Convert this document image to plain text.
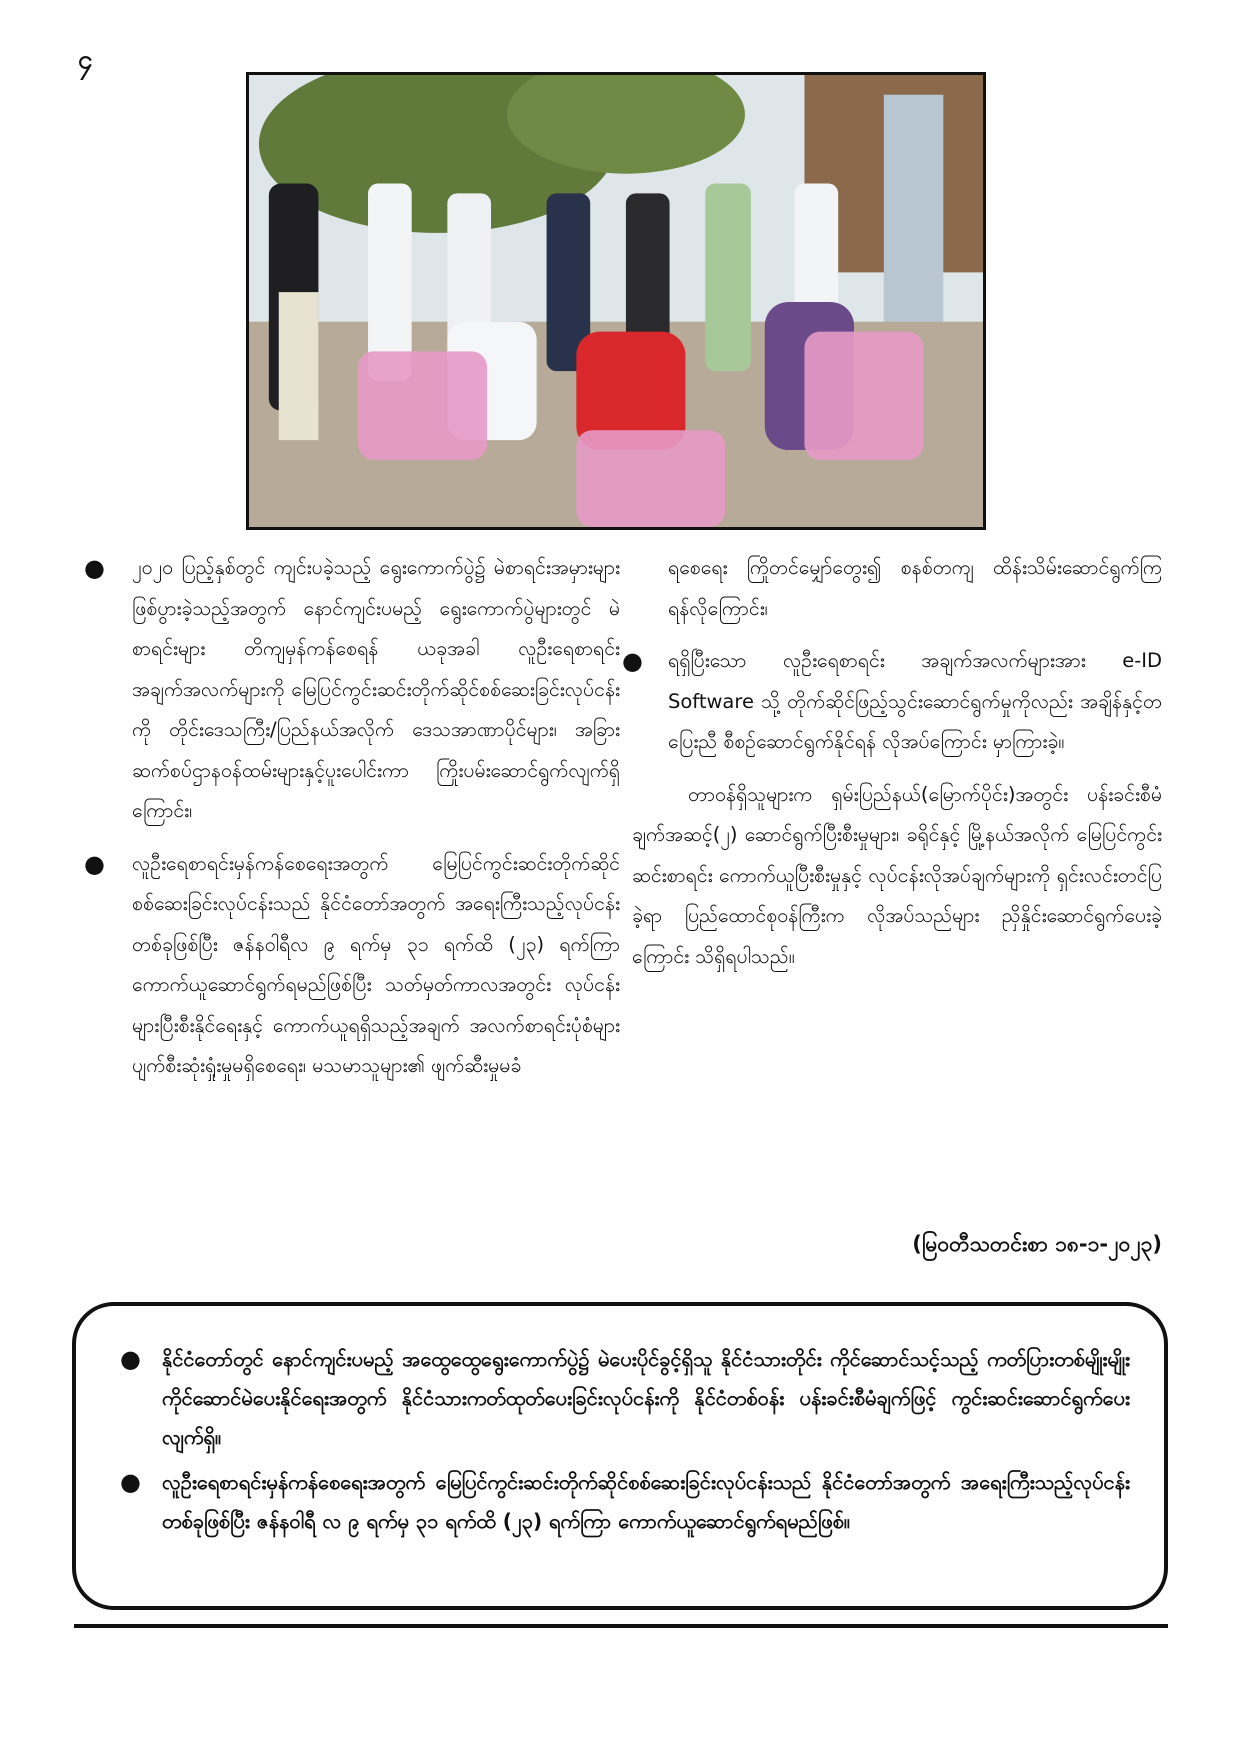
၄

● ၂၀၂၀ ပြည့်နှစ်တွင် ကျင်းပခဲ့သည့် ရွေးကောက်ပွဲ၌ မဲစာရင်းအမှားများ ဖြစ်ပွားခဲ့သည့်အတွက် နောင်ကျင်းပမည့် ရွေးကောက်ပွဲများတွင် မဲစာရင်းများ တိကျမှန်ကန်စေရန် ယခုအခါ လူဦးရေစာရင်းအချက်အလက်များကို မြေပြင်ကွင်းဆင်းတိုက်ဆိုင်စစ်ဆေးခြင်းလုပ်ငန်းကို တိုင်းဒေသကြီး/ပြည်နယ်အလိုက် ဒေသအာဏာပိုင်များ၊ အခြားဆက်စပ်ဌာနဝန်ထမ်းများနှင့်ပူးပေါင်းကာ ကြိုးပမ်းဆောင်ရွက်လျက်ရှိကြောင်း၊

● လူဦးရေစာရင်းမှန်ကန်စေရေးအတွက် မြေပြင်ကွင်းဆင်းတိုက်ဆိုင်စစ်ဆေးခြင်းလုပ်ငန်းသည် နိုင်ငံတော်အတွက် အရေးကြီးသည့်လုပ်ငန်းတစ်ခုဖြစ်ပြီး ဇန်နဝါရီလ ၉ ရက်မှ ၃၁ ရက်ထိ (၂၃) ရက်ကြာ ကောက်ယူဆောင်ရွက်ရမည်ဖြစ်ပြီး သတ်မှတ်ကာလအတွင်း လုပ်ငန်းများပြီးစီးနိုင်ရေးနှင့် ကောက်ယူရရှိသည့်အချက် အလက်စာရင်းပုံစံများ ပျက်စီးဆုံးရှုံးမှုမရှိစေရေး၊ မသမာသူများ၏ ဖျက်ဆီးမှုမခံ

ရစေရေး ကြိုတင်မျှော်တွေး၍ စနစ်တကျ ထိန်းသိမ်းဆောင်ရွက်ကြရန်လိုကြောင်း၊

● ရရှိပြီးသော လူဦးရေစာရင်း အချက်အလက်များအား e-ID Software သို့ တိုက်ဆိုင်ဖြည့်သွင်းဆောင်ရွက်မှုကိုလည်း အချိန်နှင့်တပြေးညီ စီစဉ်ဆောင်ရွက်နိုင်ရန် လိုအပ်ကြောင်း မှာကြားခဲ့။

တာဝန်ရှိသူများက ရှမ်းပြည်နယ်(မြောက်ပိုင်း)အတွင်း ပန်းခင်းစီမံချက်အဆင့်(၂) ဆောင်ရွက်ပြီးစီးမှုများ၊ ခရိုင်နှင့် မြို့နယ်အလိုက် မြေပြင်ကွင်းဆင်းစာရင်း ကောက်ယူပြီးစီးမှုနှင့် လုပ်ငန်းလိုအပ်ချက်များကို ရှင်းလင်းတင်ပြခဲ့ရာ ပြည်ထောင်စုဝန်ကြီးက လိုအပ်သည်များ ညှိနှိုင်းဆောင်ရွက်ပေးခဲ့ကြောင်း သိရှိရပါသည်။

(မြဝတီသတင်းစာ ၁၈-၁-၂၀၂၃)
● နိုင်ငံတော်တွင် နောင်ကျင်းပမည့် အထွေထွေရွေးကောက်ပွဲ၌ မဲပေးပိုင်ခွင့်ရှိသူ နိုင်ငံသားတိုင်း ကိုင်ဆောင်သင့်သည့် ကတ်ပြားတစ်မျိုးမျိုး ကိုင်ဆောင်မဲပေးနိုင်ရေးအတွက် နိုင်ငံသားကတ်ထုတ်ပေးခြင်းလုပ်ငန်းကို နိုင်ငံတစ်ဝန်း ပန်းခင်းစီမံချက်ဖြင့် ကွင်းဆင်းဆောင်ရွက်ပေးလျက်ရှိ။
● လူဦးရေစာရင်းမှန်ကန်စေရေးအတွက် မြေပြင်ကွင်းဆင်းတိုက်ဆိုင်စစ်ဆေးခြင်းလုပ်ငန်းသည် နိုင်ငံတော်အတွက် အရေးကြီးသည့်လုပ်ငန်းတစ်ခုဖြစ်ပြီး ဇန်နဝါရီ လ ၉ ရက်မှ ၃၁ ရက်ထိ (၂၃) ရက်ကြာ ကောက်ယူဆောင်ရွက်ရမည်ဖြစ်။
